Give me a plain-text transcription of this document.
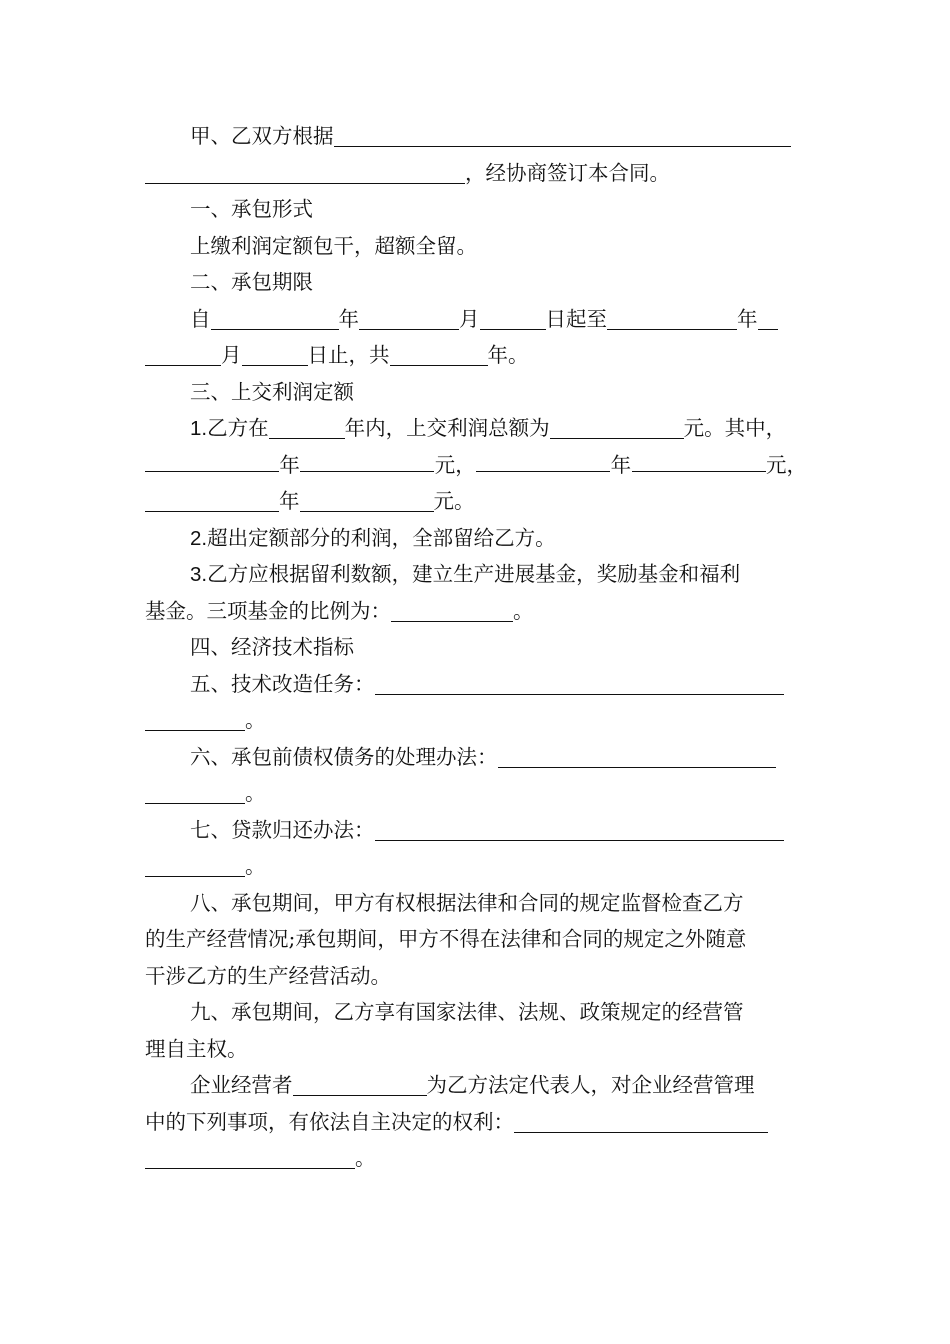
甲、乙双方根据
，经协商签订本合同。
一、承包形式
上缴利润定额包干，超额全留。
二、承包期限
自	年	月	日起至	年
月	日止，共	年。
三、上交利润定额
1.乙方在	年内，上交利润总额为	元。其中，
年	元，	年	元，
年	元。
2.超出定额部分的利润，全部留给乙方。
3.乙方应根据留利数额，建立生产进展基金，奖励基金和福利
基金。三项基金的比例为：	。
四、经济技术指标
五、技术改造任务：
。
六、承包前债权债务的处理办法：
。
七、贷款归还办法：
。
八、承包期间，甲方有权根据法律和合同的规定监督检查乙方
的生产经营情况;承包期间，甲方不得在法律和合同的规定之外随意
干涉乙方的生产经营活动。
九、承包期间，乙方享有国家法律、法规、政策规定的经营管
理自主权。
企业经营者	为乙方法定代表人，对企业经营管理
中的下列事项，有依法自主决定的权利：
。
